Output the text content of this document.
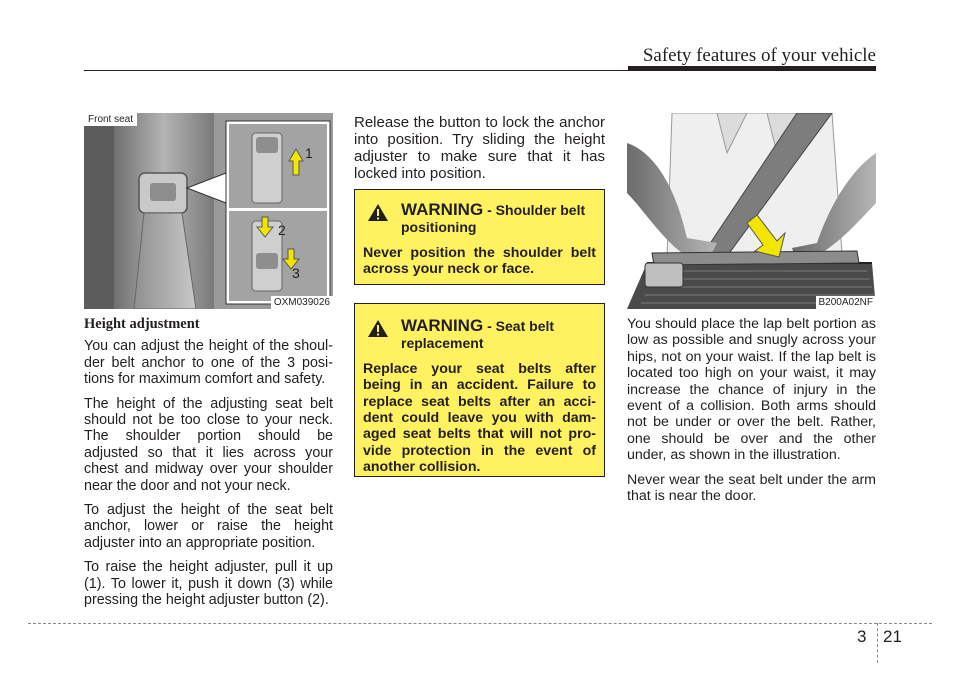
Safety features of your vehicle
1
2
3
Front seat
OXM039026
Height adjustment

You can adjust the height of the shoul-der belt anchor to one of the 3 posi-tions for maximum comfort and safety.

The height of the adjusting seat belt should not be too close to your neck. The shoulder portion should be adjusted so that it lies across your chest and midway over your shoulder near the door and not your neck.

To adjust the height of the seat belt anchor, lower or raise the height adjuster into an appropriate position.

To raise the height adjuster, pull it up (1). To lower it, push it down (3) while pressing the height adjuster button (2).

Release the button to lock the anchor into position. Try sliding the height adjuster to make sure that it has locked into position.

WARNING - Shoulder belt positioning
Never position the shoulder belt across your neck or face.
WARNING - Seat belt replacement
Replace your seat belts after being in an accident. Failure to replace seat belts after an acci-dent could leave you with dam-aged seat belts that will not pro-vide protection in the event of another collision.
B200A02NF

You should place the lap belt portion as low as possible and snugly across your hips, not on your waist. If the lap belt is located too high on your waist, it may increase the chance of injury in the event of a collision. Both arms should not be under or over the belt. Rather, one should be over and the other under, as shown in the illustration.

Never wear the seat belt under the arm that is near the door.

3 21
